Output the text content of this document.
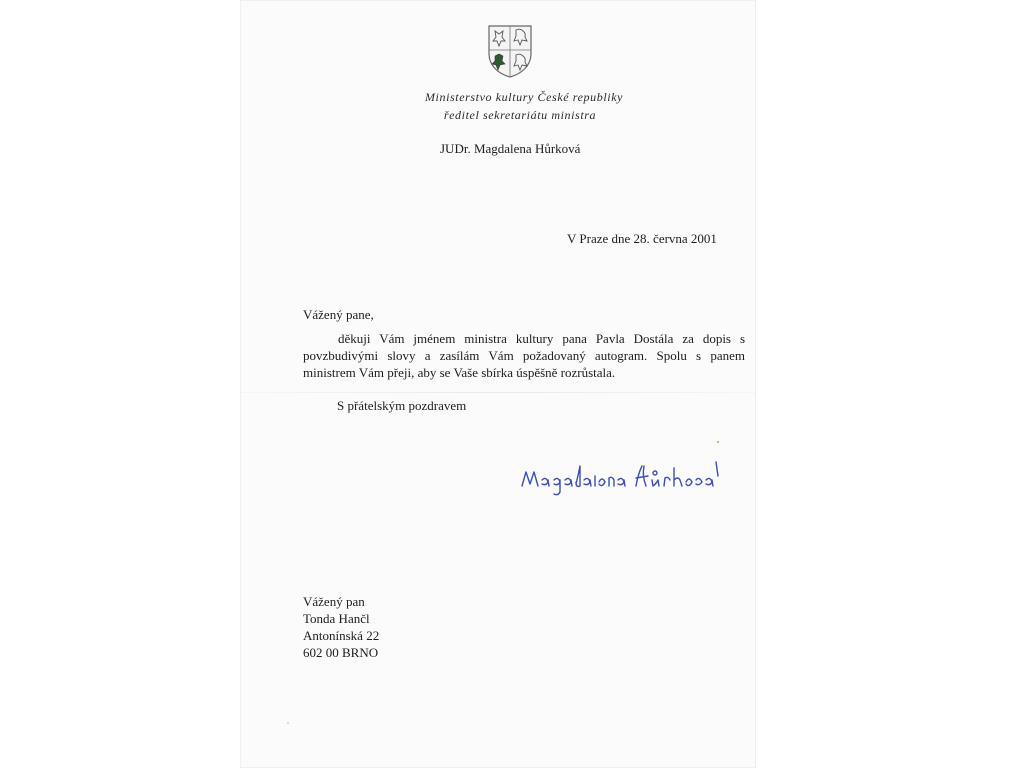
Ministerstvo kultury České republiky
ředitel sekretariátu ministra
JUDr. Magdalena Hůrková
V Praze dne 28. června 2001
Vážený pane,
děkuji Vám jménem ministra kultury pana Pavla Dostála za dopis s povzbudivými slovy a zasílám Vám požadovaný autogram. Spolu s panem ministrem Vám přeji, aby se Vaše sbírka úspěšně rozrůstala.
S přátelským pozdravem
Vážený pan
Tonda Hančl
Antonínská 22
602 00 BRNO
